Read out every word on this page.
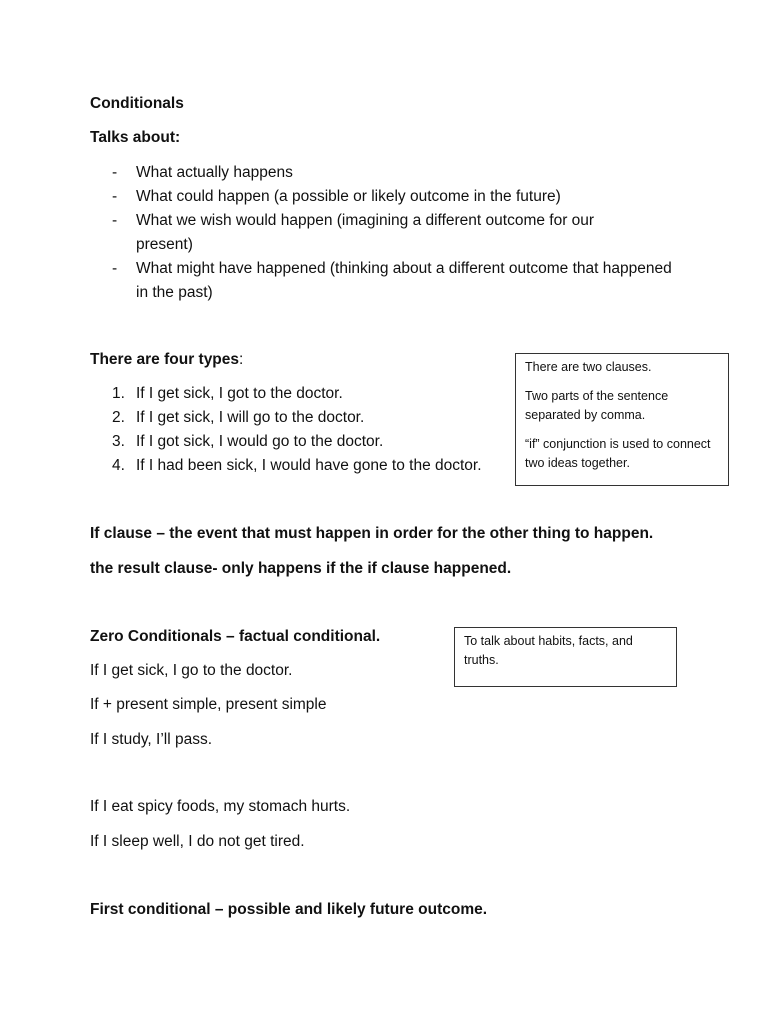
Conditionals
Talks about:
- What actually happens
- What could happen (a possible or likely outcome in the future)
- What we wish would happen (imagining a different outcome for our present)
- What might have happened (thinking about a different outcome that happened in the past)
There are four types:
1. If I get sick, I got to the doctor.
2. If I get sick, I will go to the doctor.
3. If I got sick, I would go to the doctor.
4. If I had been sick, I would have gone to the doctor.

There are two clauses.

Two parts of the sentence separated by comma.

“if” conjunction is used to connect two ideas together.

If clause – the event that must happen in order for the other thing to happen.
the result clause- only happens if the if clause happened.
Zero Conditionals – factual conditional.	To talk about habits, facts, and truths.

If I get sick, I go to the doctor.
If + present simple, present simple
If I study, I’ll pass.
If I eat spicy foods, my stomach hurts.
If I sleep well, I do not get tired.
First conditional – possible and likely future outcome.
